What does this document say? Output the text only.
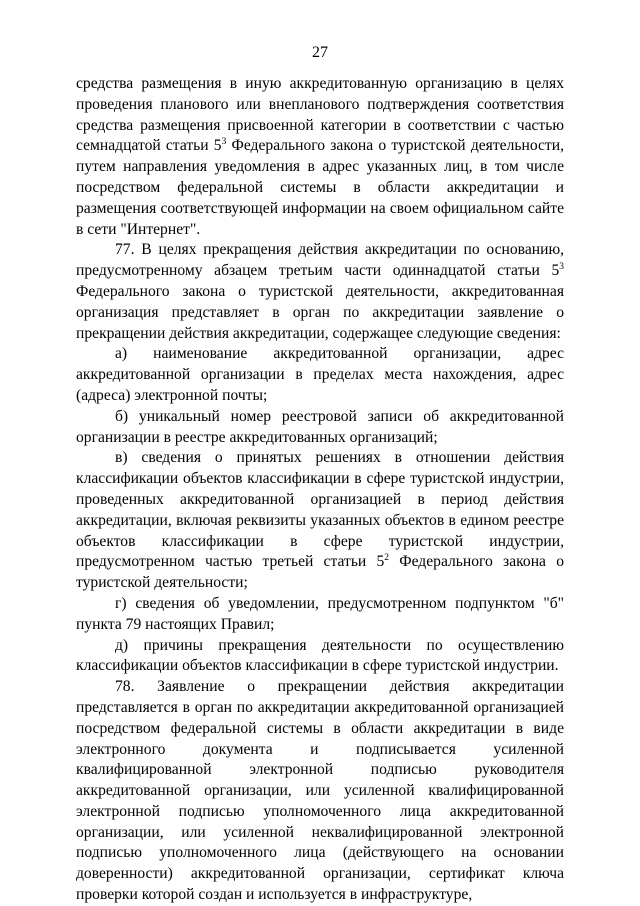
27

средства размещения в иную аккредитованную организацию в целях проведения планового или внепланового подтверждения соответствия средства размещения присвоенной категории в соответствии с частью семнадцатой статьи $5^3$ Федерального закона о туристской деятельности, путем направления уведомления в адрес указанных лиц, в том числе посредством федеральной системы в области аккредитации и размещения соответствующей информации на своем официальном сайте в сети "Интернет".

77. В целях прекращения действия аккредитации по основанию, предусмотренному абзацем третьим части одиннадцатой статьи $5^3$ Федерального закона о туристской деятельности, аккредитованная организация представляет в орган по аккредитации заявление о прекращении действия аккредитации, содержащее следующие сведения:

а) наименование аккредитованной организации, адрес аккредитованной организации в пределах места нахождения, адрес (адреса) электронной почты;

б) уникальный номер реестровой записи об аккредитованной организации в реестре аккредитованных организаций;

в) сведения о принятых решениях в отношении действия классификации объектов классификации в сфере туристской индустрии, проведенных аккредитованной организацией в период действия аккредитации, включая реквизиты указанных объектов в едином реестре объектов классификации в сфере туристской индустрии, предусмотренном частью третьей статьи $5^2$ Федерального закона о туристской деятельности;

г) сведения об уведомлении, предусмотренном подпунктом "б" пункта 79 настоящих Правил;

д) причины прекращения деятельности по осуществлению классификации объектов классификации в сфере туристской индустрии.

78. Заявление о прекращении действия аккредитации представляется в орган по аккредитации аккредитованной организацией посредством федеральной системы в области аккредитации в виде электронного документа и подписывается усиленной квалифицированной электронной подписью руководителя аккредитованной организации, или усиленной квалифицированной электронной подписью уполномоченного лица аккредитованной организации, или усиленной неквалифицированной электронной подписью уполномоченного лица (действующего на основании доверенности) аккредитованной организации, сертификат ключа проверки которой создан и используется в инфраструктуре,
